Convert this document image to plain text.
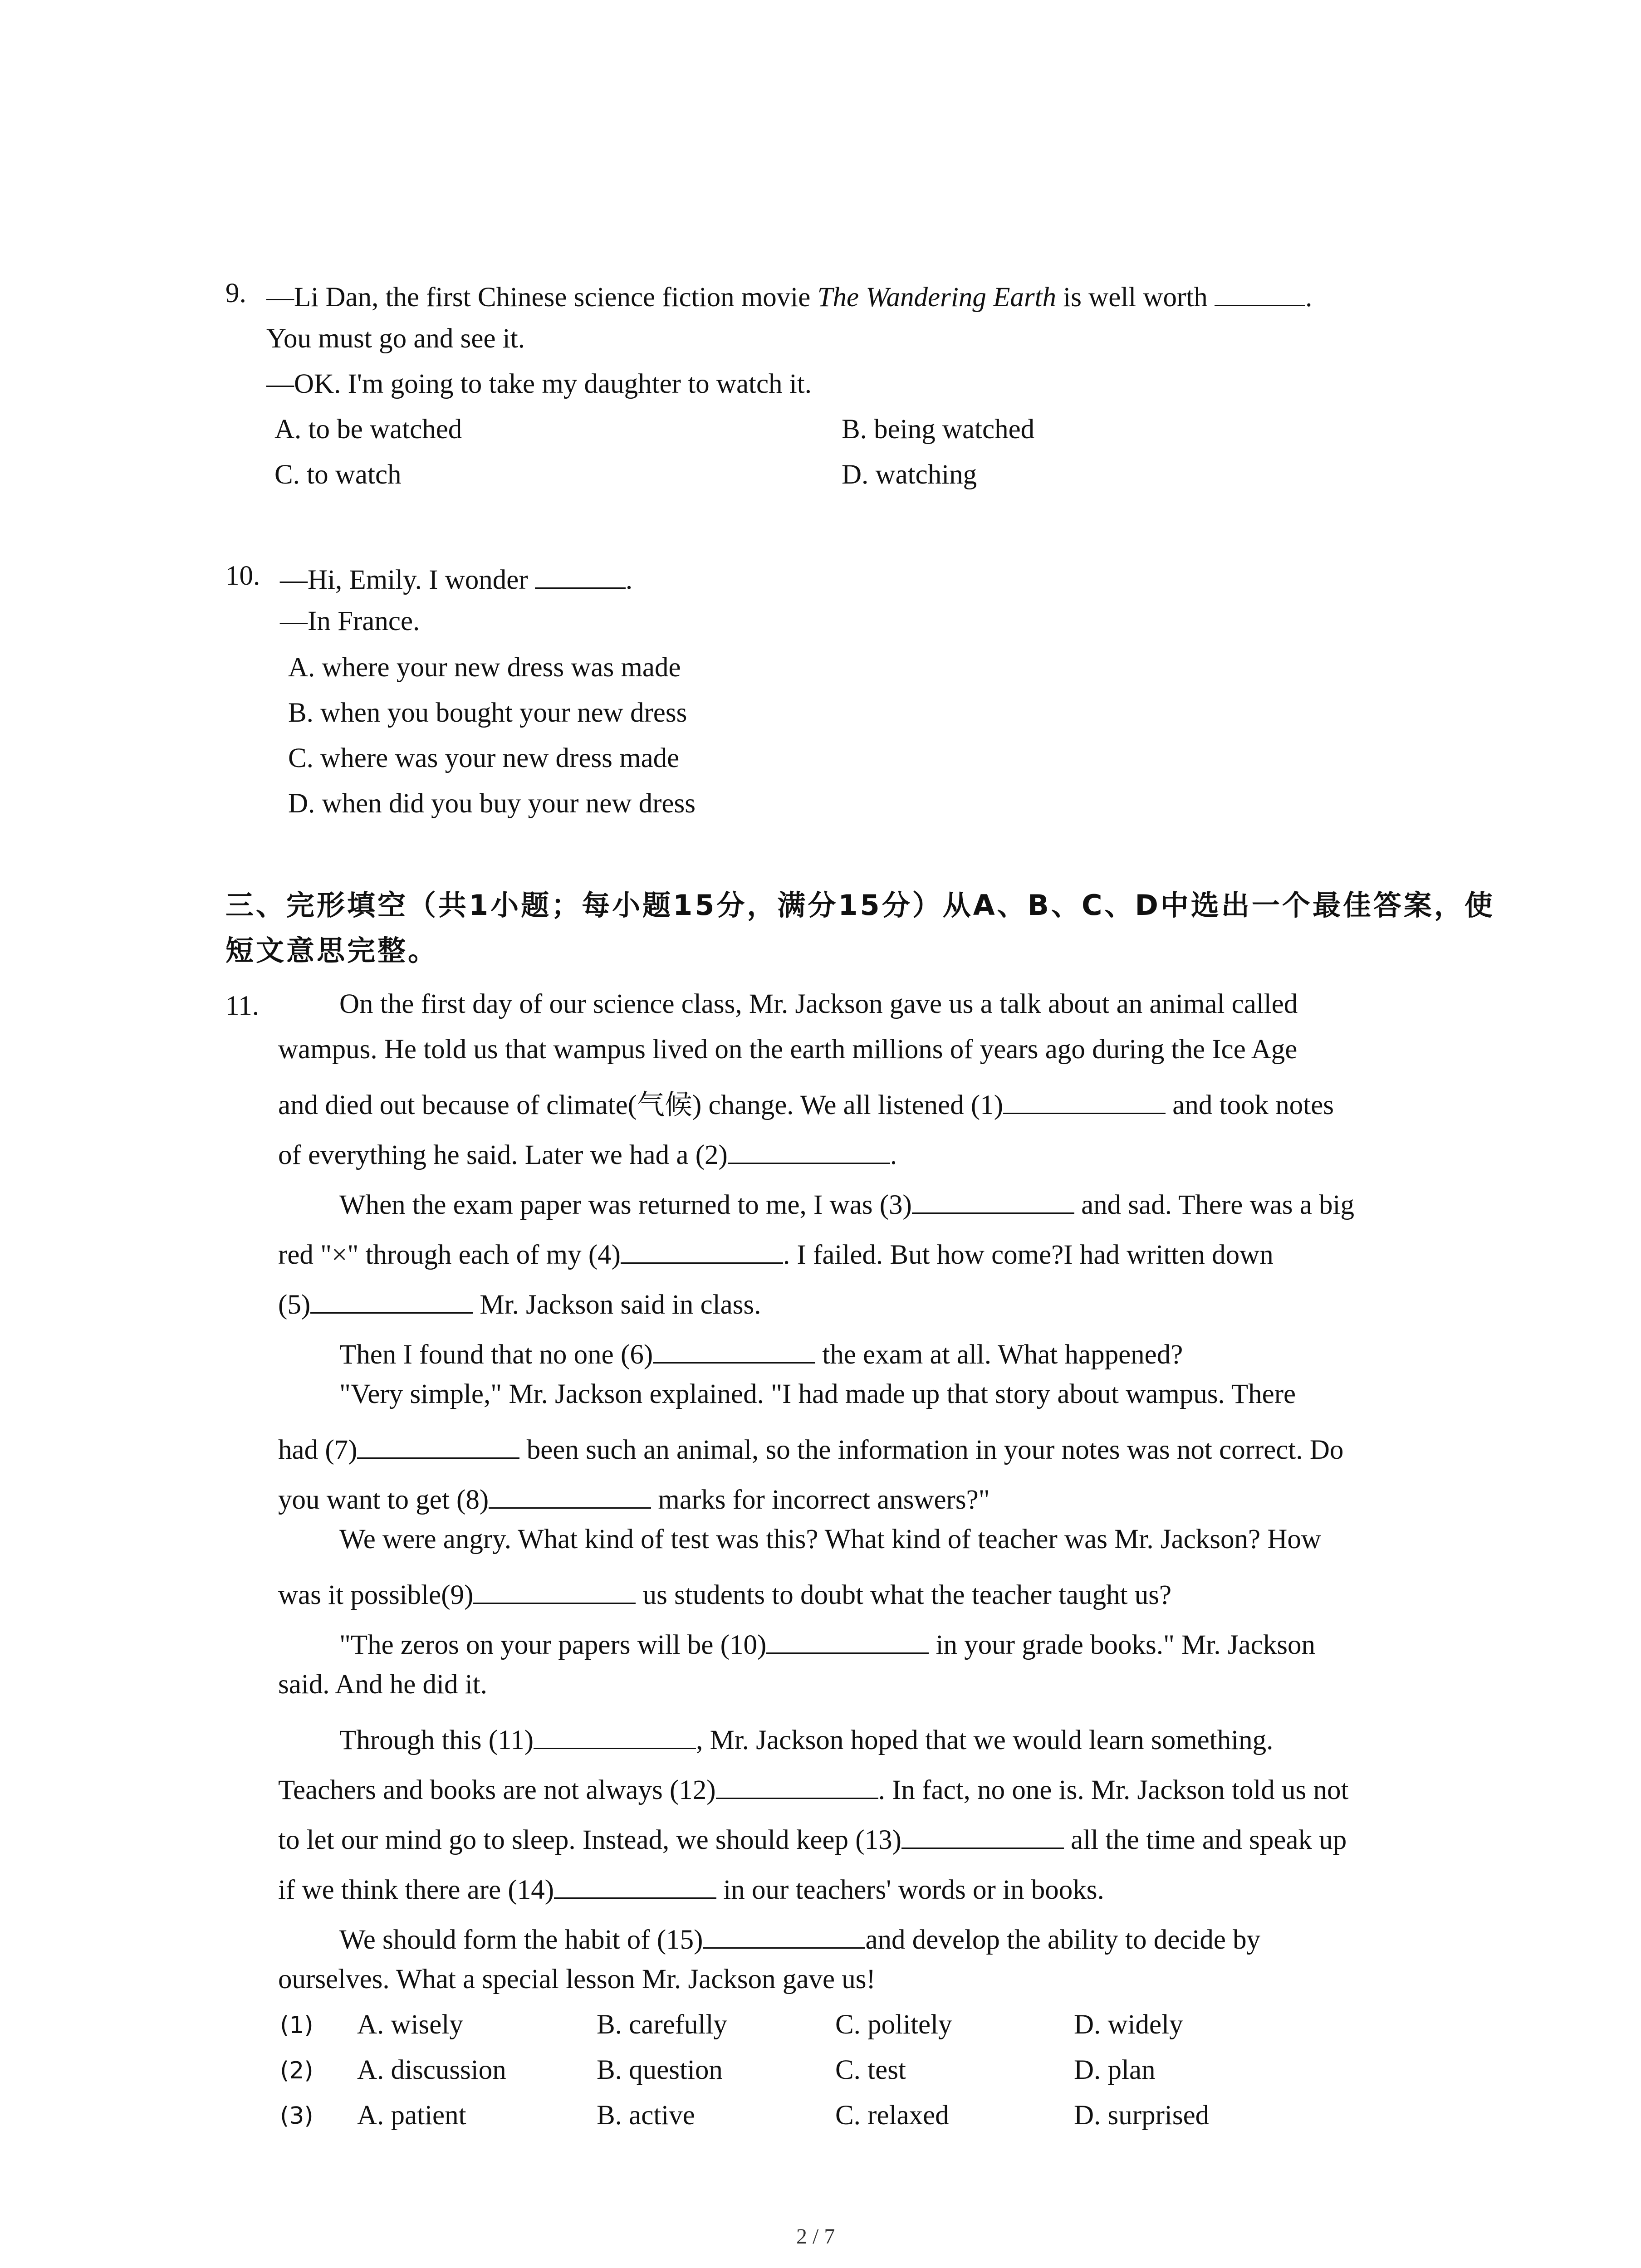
9. —Li Dan, the first Chinese science fiction movie The Wandering Earth is well worth	.
You must go and see it.
—OK. I'm going to take my daughter to watch it.
A. to be watched	B. being watched
C. to watch	D. watching
10. —Hi, Emily. I wonder	.
—In France.
A. where your new dress was made
B. when you bought your new dress
C. where was your new dress made
D. when did you buy your new dress
三、完形填空（共1小题；每小题15分，满分15分）从A、B、C、D中选出一个最佳答案，使
短文意思完整。
11.	On the first day of our science class, Mr. Jackson gave us a talk about an animal called
wampus. He told us that wampus lived on the earth millions of years ago during the Ice Age
and died out because of climate(气候) change. We all listened (1)	and took notes
of everything he said. Later we had a (2)	.
When the exam paper was returned to me, I was (3)	and sad. There was a big
red "×" through each of my (4)	. I failed. But how come?I had written down
(5)	Mr. Jackson said in class.
Then I found that no one (6)	the exam at all. What happened?
"Very simple," Mr. Jackson explained. "I had made up that story about wampus. There
had (7)	been such an animal, so the information in your notes was not correct. Do
you want to get (8)	marks for incorrect answers?"
We were angry. What kind of test was this? What kind of teacher was Mr. Jackson? How
was it possible(9)	us students to doubt what the teacher taught us?
"The zeros on your papers will be (10)	in your grade books." Mr. Jackson
said. And he did it.
Through this (11)	, Mr. Jackson hoped that we would learn something.
Teachers and books are not always (12)	. In fact, no one is. Mr. Jackson told us not
to let our mind go to sleep. Instead, we should keep (13)	all the time and speak up
if we think there are (14)	in our teachers' words or in books.
We should form the habit of (15)	and develop the ability to decide by
ourselves. What a special lesson Mr. Jackson gave us!
(1) A. wisely	B. carefully	C. politely	D. widely
(2) A. discussion	B. question	C. test	D. plan
(3) A. patient	B. active	C. relaxed	D. surprised
2 / 7
